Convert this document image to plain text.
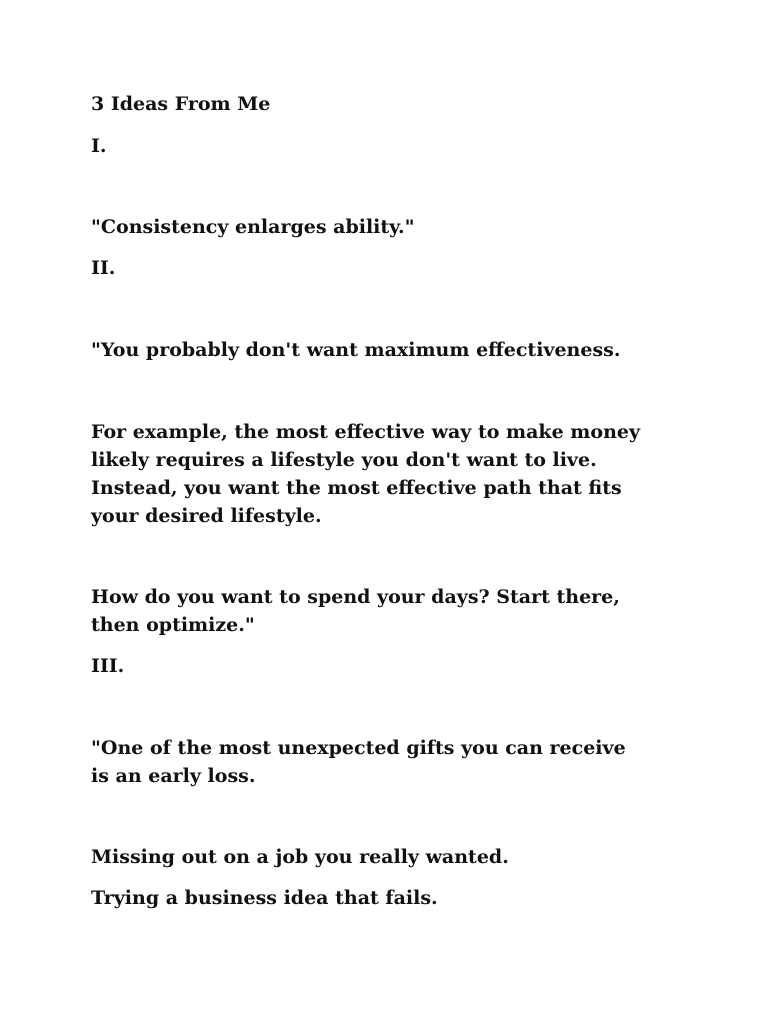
3 Ideas From Me

I.

"Consistency enlarges ability."

II.

"You probably don't want maximum effectiveness.

For example, the most effective way to make money
likely requires a lifestyle you don't want to live.
Instead, you want the most effective path that fits
your desired lifestyle.
How do you want to spend your days? Start there,
then optimize."

III.

"One of the most unexpected gifts you can receive
is an early loss.

Missing out on a job you really wanted.

Trying a business idea that fails.
